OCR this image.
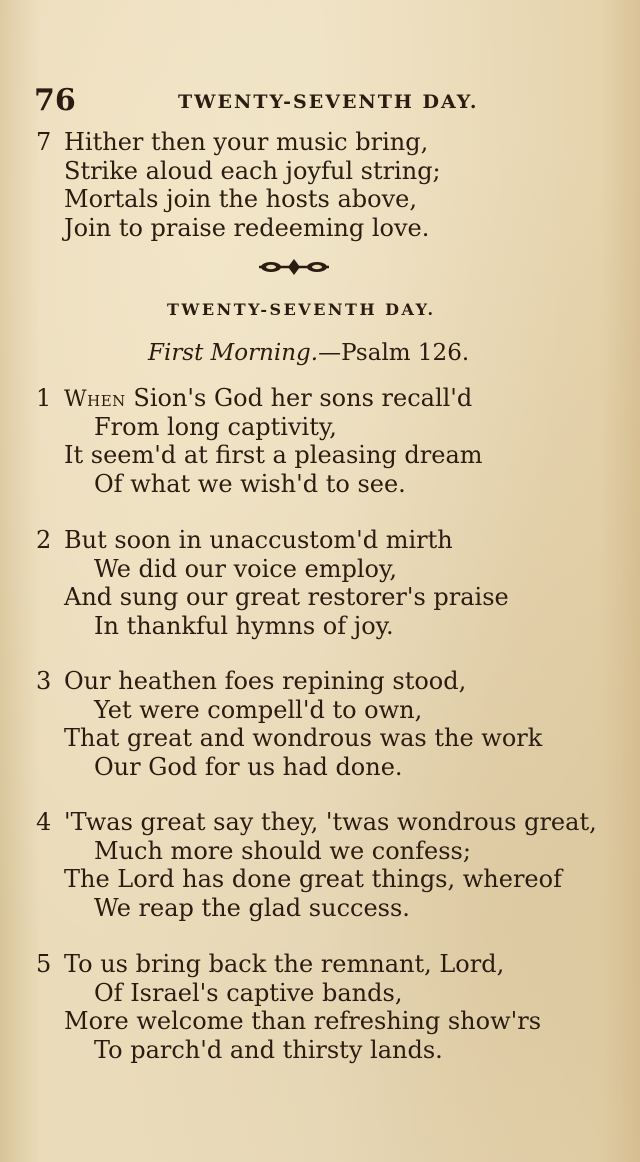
76	TWENTY-SEVENTH DAY.
7 Hither then your music bring,
Strike aloud each joyful string;
Mortals join the hosts above,
Join to praise redeeming love.
TWENTY-SEVENTH DAY.
First Morning.—Psalm 126.
1 When Sion's God her sons recall'd
From long captivity,
It seem'd at first a pleasing dream
Of what we wish'd to see.
2 But soon in unaccustom'd mirth
We did our voice employ,
And sung our great restorer's praise
In thankful hymns of joy.
3 Our heathen foes repining stood,
Yet were compell'd to own,
That great and wondrous was the work
Our God for us had done.
4 'Twas great say they, 'twas wondrous great,
Much more should we confess;
The Lord has done great things, whereof
We reap the glad success.
5 To us bring back the remnant, Lord,
Of Israel's captive bands,
More welcome than refreshing show'rs
To parch'd and thirsty lands.
